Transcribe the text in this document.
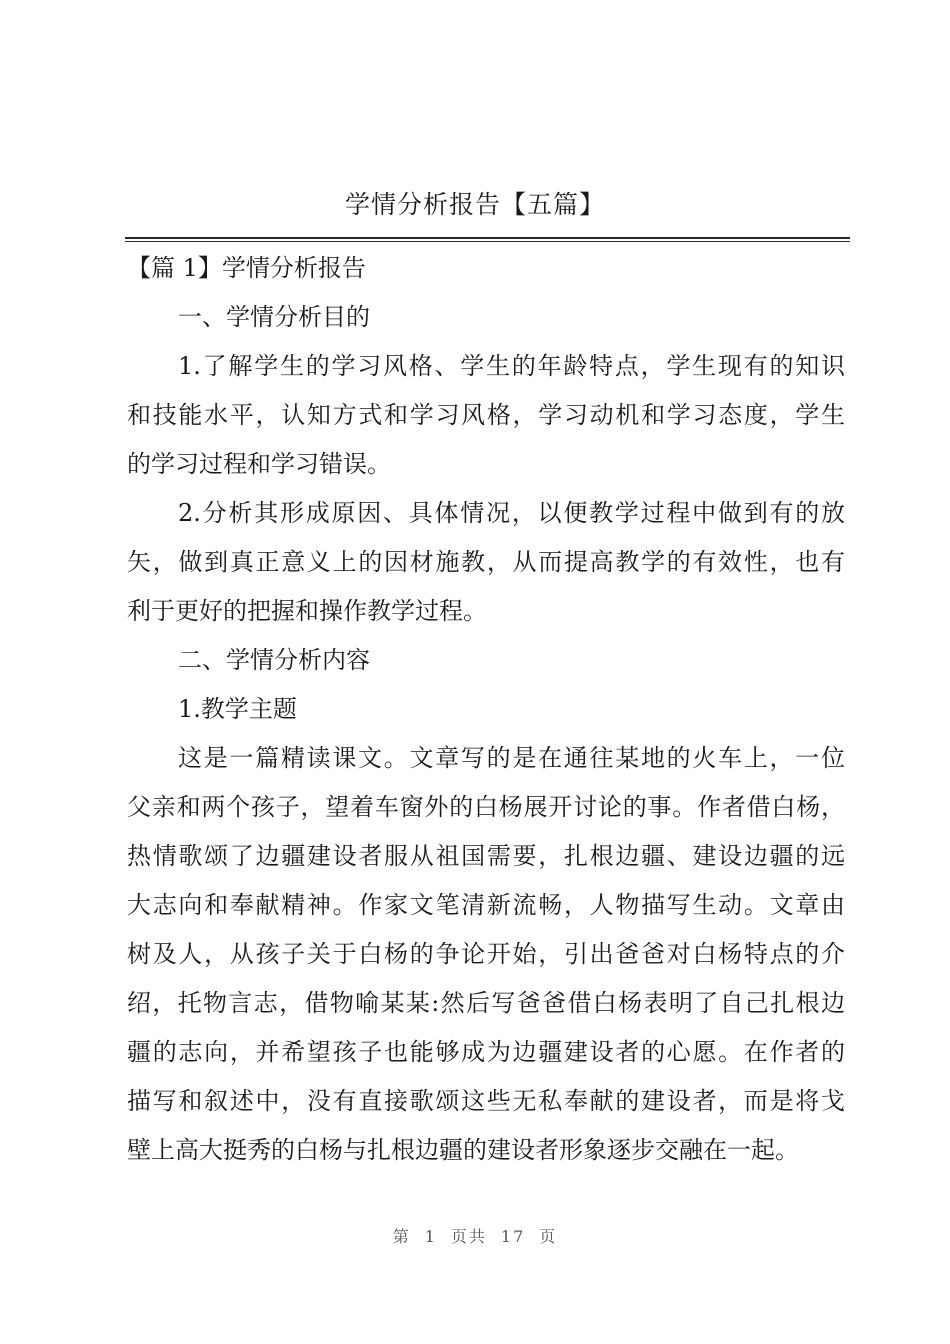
学情分析报告【五篇】
【篇 1】学情分析报告
一、学情分析目的
1.了解学生的学习风格、学生的年龄特点，学生现有的知识
和技能水平，认知方式和学习风格，学习动机和学习态度，学生
的学习过程和学习错误。
2.分析其形成原因、具体情况，以便教学过程中做到有的放
矢，做到真正意义上的因材施教，从而提高教学的有效性，也有
利于更好的把握和操作教学过程。
二、学情分析内容
1.教学主题
这是一篇精读课文。文章写的是在通往某地的火车上，一位
父亲和两个孩子，望着车窗外的白杨展开讨论的事。作者借白杨，
热情歌颂了边疆建设者服从祖国需要，扎根边疆、建设边疆的远
大志向和奉献精神。作家文笔清新流畅，人物描写生动。文章由
树及人，从孩子关于白杨的争论开始，引出爸爸对白杨特点的介
绍，托物言志，借物喻某某:然后写爸爸借白杨表明了自己扎根边
疆的志向，并希望孩子也能够成为边疆建设者的心愿。在作者的
描写和叙述中，没有直接歌颂这些无私奉献的建设者，而是将戈
壁上高大挺秀的白杨与扎根边疆的建设者形象逐步交融在一起。
第 1 页共 17 页
